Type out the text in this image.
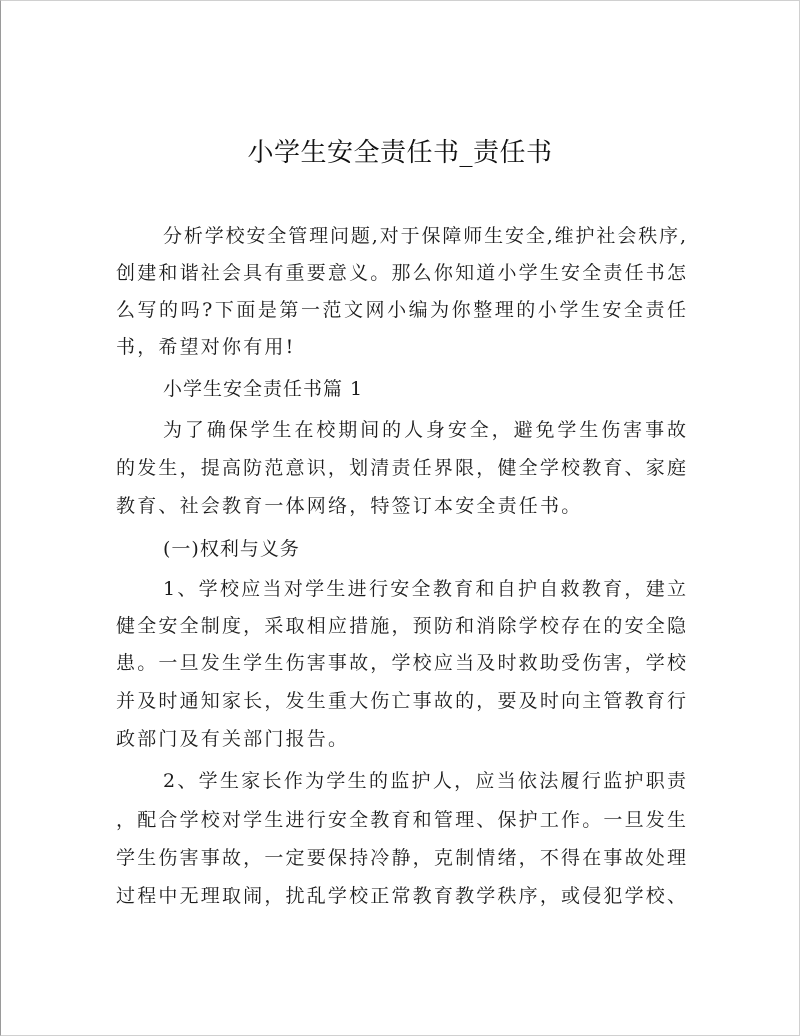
小学生安全责任书_责任书
分析学校安全管理问题,对于保障师生安全,维护社会秩序,
创建和谐社会具有重要意义。那么你知道小学生安全责任书怎
么写的吗?下面是第一范文网小编为你整理的小学生安全责任
书，希望对你有用!
小学生安全责任书篇 1
为了确保学生在校期间的人身安全，避免学生伤害事故
的发生，提高防范意识，划清责任界限，健全学校教育、家庭
教育、社会教育一体网络，特签订本安全责任书。
(一)权利与义务
1、学校应当对学生进行安全教育和自护自救教育，建立
健全安全制度，采取相应措施，预防和消除学校存在的安全隐
患。一旦发生学生伤害事故，学校应当及时救助受伤害，学校
并及时通知家长，发生重大伤亡事故的，要及时向主管教育行
政部门及有关部门报告。
2、学生家长作为学生的监护人，应当依法履行监护职责
，配合学校对学生进行安全教育和管理、保护工作。一旦发生
学生伤害事故，一定要保持冷静，克制情绪，不得在事故处理
过程中无理取闹，扰乱学校正常教育教学秩序，或侵犯学校、
